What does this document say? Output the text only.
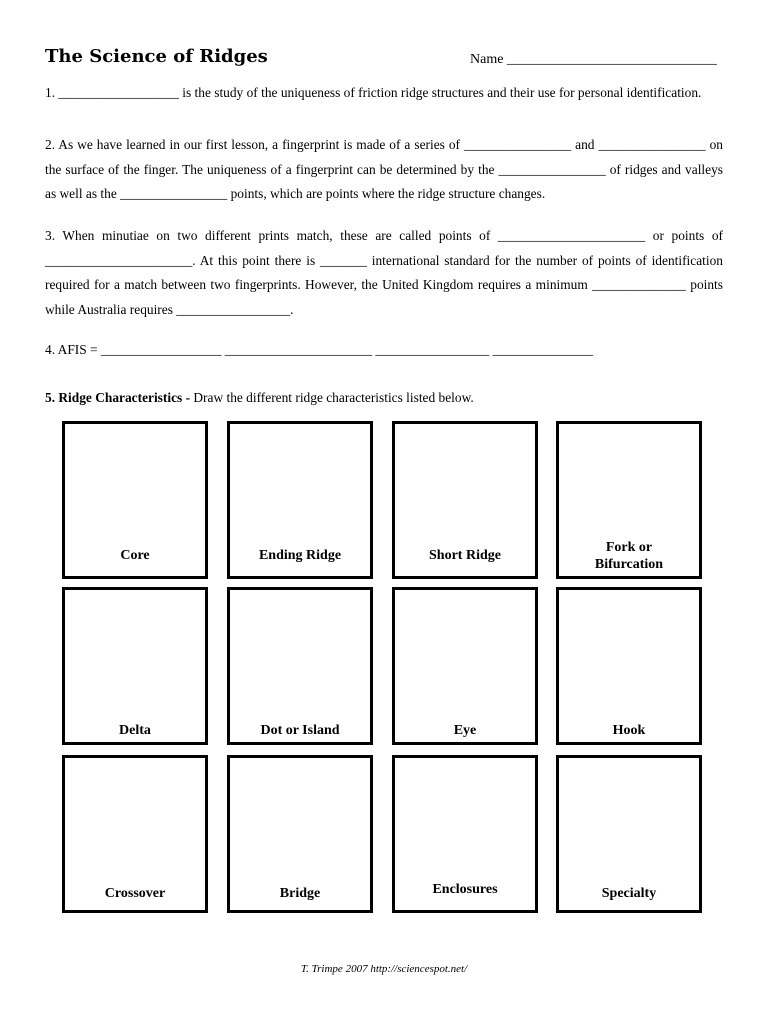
The Science of Ridges	Name ______________________________
1. __________________ is the study of the uniqueness of friction ridge structures and their use for personal identification.
2. As we have learned in our first lesson, a fingerprint is made of a series of ________________ and ________________ on the surface of the finger. The uniqueness of a fingerprint can be determined by the ________________ of ridges and valleys as well as the ________________ points, which are points where the ridge structure changes.
3. When minutiae on two different prints match, these are called points of ______________________ or points of ______________________. At this point there is _______ international standard for the number of points of identification required for a match between two fingerprints. However, the United Kingdom requires a minimum ______________ points while Australia requires _________________.
4. AFIS = __________________ ______________________ _________________ _______________
5. Ridge Characteristics - Draw the different ridge characteristics listed below.
Core	Ending Ridge	Short Ridge
Fork or Bifurcation
Delta	Dot or Island	Eye	Hook
Crossover	Bridge	Enclosures	Specialty
T. Trimpe 2007 http://sciencespot.net/
